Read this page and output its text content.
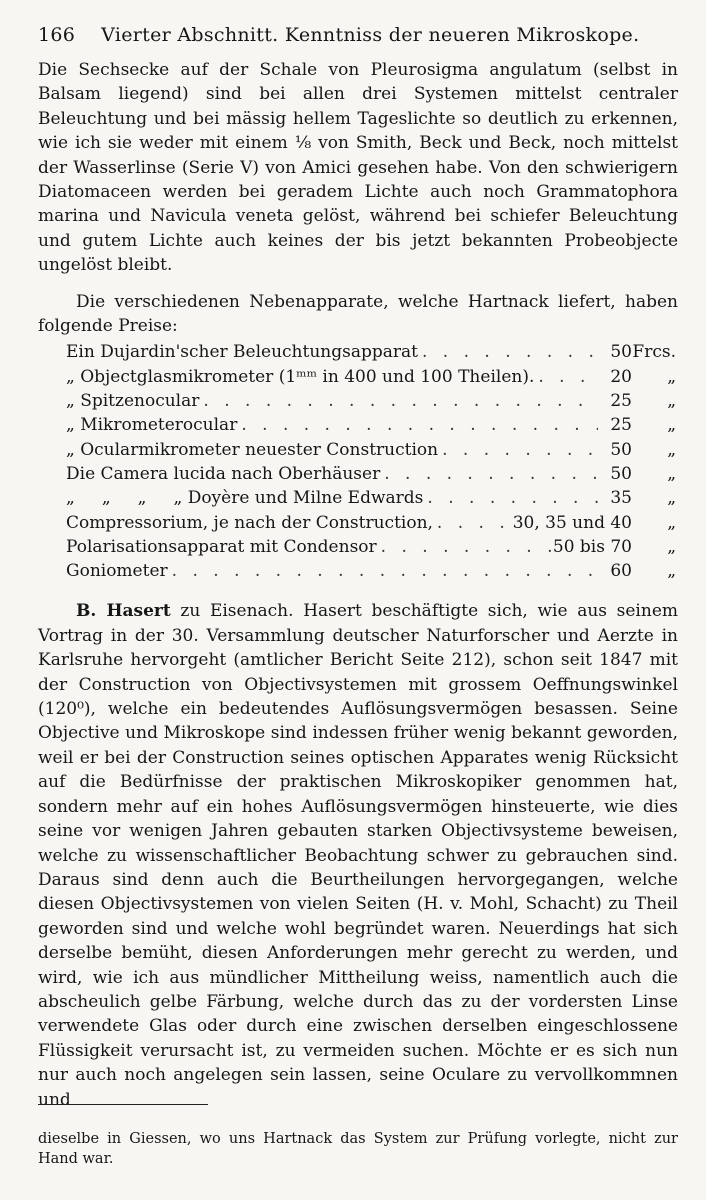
166 Vierter Abschnitt. Kenntniss der neueren Mikroskope.

Die Sechsecke auf der Schale von Pleurosigma angulatum (selbst in Balsam liegend) sind bei allen drei Systemen mittelst centraler Beleuchtung und bei mässig hellem Tageslichte so deutlich zu erkennen, wie ich sie weder mit einem ⅛ von Smith, Beck und Beck, noch mittelst der Wasserlinse (Serie V) von Amici gesehen habe. Von den schwierigern Diatomaceen werden bei geradem Lichte auch noch Grammatophora marina und Navicula veneta gelöst, während bei schiefer Beleuchtung und gutem Lichte auch keines der bis jetzt bekannten Probeobjecte ungelöst bleibt.

Die verschiedenen Nebenapparate, welche Hartnack liefert, haben folgende Preise:

Ein Dujardin'scher Beleuchtungsapparat . . .	50 Frcs.
„ Objectglasmikrometer (1ᵐᵐ in 400 und 100 Theilen). . . .	20	„
„ Spitzenocular . . .	25	„
„ Mikrometerocular . . .	25	„
„ Ocularmikrometer neuester Construction . . .	50	„
Die Camera lucida nach Oberhäuser . . .	50	„
„     „     „     „ Doyère und Milne Edwards . . .	35	„
Compressorium, je nach der Construction, . . .	30, 35 und 40	„
Polarisationsapparat mit Condensor . . .	50 bis 70	„
Goniometer . . .	60	„

B. Hasert zu Eisenach. Hasert beschäftigte sich, wie aus seinem Vortrag in der 30. Versammlung deutscher Naturforscher und Aerzte in Karlsruhe hervorgeht (amtlicher Bericht Seite 212), schon seit 1847 mit der Construction von Objectivsystemen mit grossem Oeffnungswinkel (120⁰), welche ein bedeutendes Auflösungsvermögen besassen. Seine Objective und Mikroskope sind indessen früher wenig bekannt geworden, weil er bei der Construction seines optischen Apparates wenig Rücksicht auf die Bedürfnisse der praktischen Mikroskopiker genommen hat, sondern mehr auf ein hohes Auflösungsvermögen hinsteuerte, wie dies seine vor wenigen Jahren gebauten starken Objectivsysteme beweisen, welche zu wissenschaftlicher Beobachtung schwer zu gebrauchen sind. Daraus sind denn auch die Beurtheilungen hervorgegangen, welche diesen Objectivsystemen von vielen Seiten (H. v. Mohl, Schacht) zu Theil geworden sind und welche wohl begründet waren. Neuerdings hat sich derselbe bemüht, diesen Anforderungen mehr gerecht zu werden, und wird, wie ich aus mündlicher Mittheilung weiss, namentlich auch die abscheulich gelbe Färbung, welche durch das zu der vordersten Linse verwendete Glas oder durch eine zwischen derselben eingeschlossene Flüssigkeit verursacht ist, zu vermeiden suchen. Möchte er es sich nun nur auch noch angelegen sein lassen, seine Oculare zu vervollkommnen und

dieselbe in Giessen, wo uns Hartnack das System zur Prüfung vorlegte, nicht zur Hand war.
